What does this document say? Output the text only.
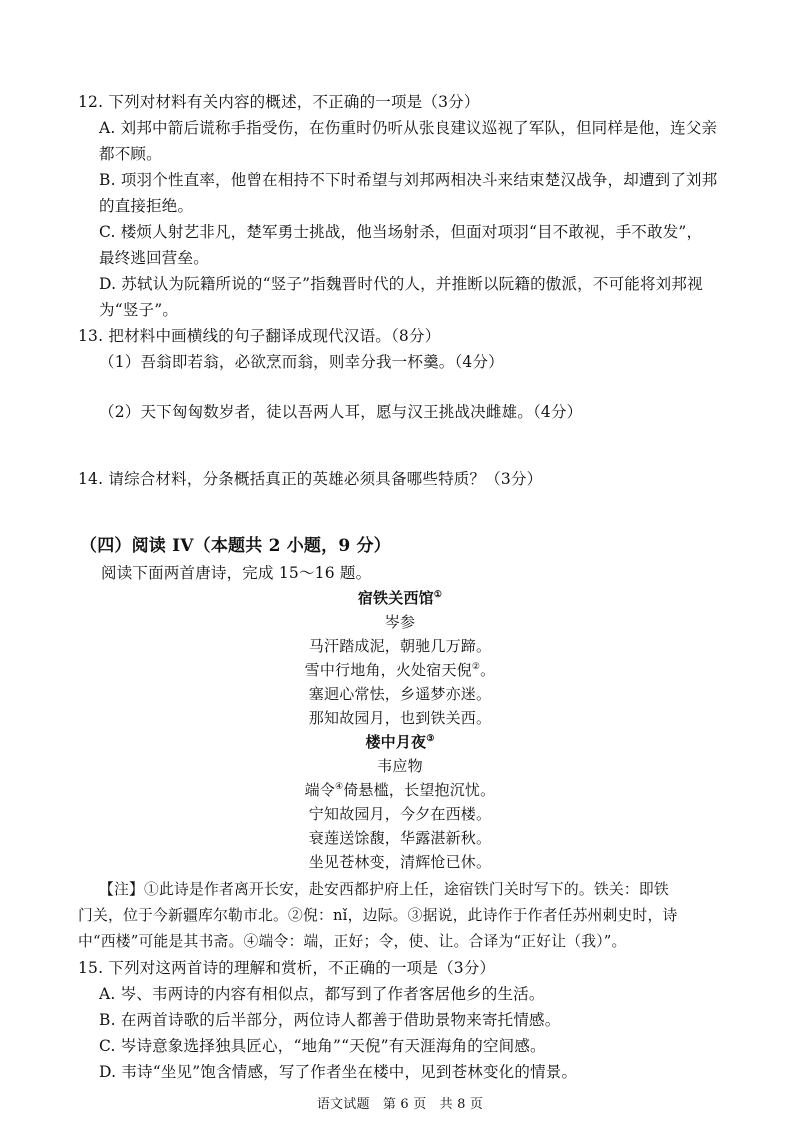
12. 下列对材料有关内容的概述，不正确的一项是（3分）
A. 刘邦中箭后谎称手指受伤，在伤重时仍听从张良建议巡视了军队，但同样是他，连父亲
都不顾。
B. 项羽个性直率，他曾在相持不下时希望与刘邦两相决斗来结束楚汉战争，却遭到了刘邦
的直接拒绝。
C. 楼烦人射艺非凡，楚军勇士挑战，他当场射杀，但面对项羽“目不敢视，手不敢发”，
最终逃回营垒。
D. 苏轼认为阮籍所说的“竖子”指魏晋时代的人，并推断以阮籍的傲派，不可能将刘邦视
为“竖子”。
13. 把材料中画横线的句子翻译成现代汉语。（8分）
（1）吾翁即若翁，必欲烹而翁，则幸分我一杯羹。（4分）
（2）天下匈匈数岁者，徒以吾两人耳，愿与汉王挑战决雌雄。（4分）
14. 请综合材料，分条概括真正的英雄必须具备哪些特质？（3分）
（四）阅读 IV（本题共 2 小题，9 分）
阅读下面两首唐诗，完成 15～16 题。
宿铁关西馆①
岑参
马汗踏成泥，朝驰几万蹄。
雪中行地角，火处宿天倪②。
塞迥心常怯，乡遥梦亦迷。
那知故园月，也到铁关西。
楼中月夜③
韦应物
端令④倚悬槛，长望抱沉忧。
宁知故园月，今夕在西楼。
衰莲送馀馥，华露湛新秋。
坐见苍林变，清辉怆已休。
【注】①此诗是作者离开长安，赴安西都护府上任，途宿铁门关时写下的。铁关：即铁
门关，位于今新疆库尔勒市北。②倪：nǐ，边际。③据说，此诗作于作者任苏州刺史时，诗
中“西楼”可能是其书斋。④端令：端，正好；令，使、让。合译为“正好让（我）”。
15. 下列对这两首诗的理解和赏析，不正确的一项是（3分）
A. 岑、韦两诗的内容有相似点，都写到了作者客居他乡的生活。
B. 在两首诗歌的后半部分，两位诗人都善于借助景物来寄托情感。
C. 岑诗意象选择独具匠心，“地角”“天倪”有天涯海角的空间感。
D. 韦诗“坐见”饱含情感，写了作者坐在楼中，见到苍林变化的情景。
语文试题　第 6 页　共 8 页
